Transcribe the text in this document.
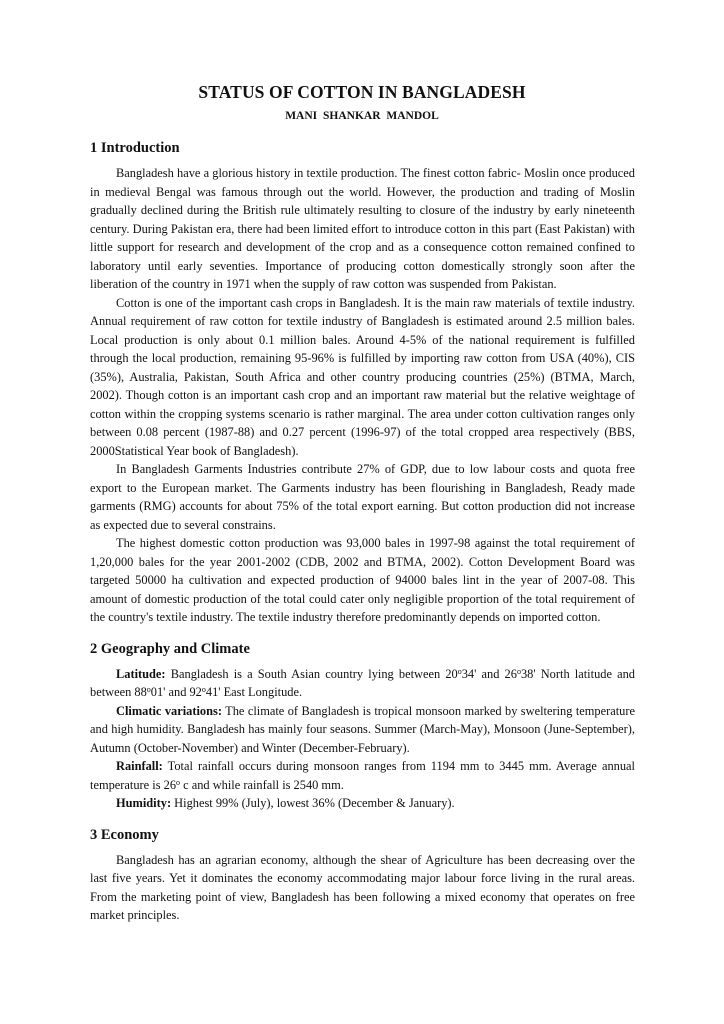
STATUS OF COTTON IN BANGLADESH
MANI SHANKAR MANDOL
1 Introduction

Bangladesh have a glorious history in textile production. The finest cotton fabric- Moslin once produced in medieval Bengal was famous through out the world. However, the production and trading of Moslin gradually declined during the British rule ultimately resulting to closure of the industry by early nineteenth century. During Pakistan era, there had been limited effort to introduce cotton in this part (East Pakistan) with little support for research and development of the crop and as a consequence cotton remained confined to laboratory until early seventies. Importance of producing cotton domestically strongly soon after the liberation of the country in 1971 when the supply of raw cotton was suspended from Pakistan.

Cotton is one of the important cash crops in Bangladesh. It is the main raw materials of textile industry. Annual requirement of raw cotton for textile industry of Bangladesh is estimated around 2.5 million bales. Local production is only about 0.1 million bales. Around 4-5% of the national requirement is fulfilled through the local production, remaining 95-96% is fulfilled by importing raw cotton from USA (40%), CIS (35%), Australia, Pakistan, South Africa and other country producing countries (25%) (BTMA, March, 2002). Though cotton is an important cash crop and an important raw material but the relative weightage of cotton within the cropping systems scenario is rather marginal. The area under cotton cultivation ranges only between 0.08 percent (1987-88) and 0.27 percent (1996-97) of the total cropped area respectively (BBS, 2000Statistical Year book of Bangladesh).

In Bangladesh Garments Industries contribute 27% of GDP, due to low labour costs and quota free export to the European market. The Garments industry has been flourishing in Bangladesh, Ready made garments (RMG) accounts for about 75% of the total export earning. But cotton production did not increase as expected due to several constrains.

The highest domestic cotton production was 93,000 bales in 1997-98 against the total requirement of 1,20,000 bales for the year 2001-2002 (CDB, 2002 and BTMA, 2002). Cotton Development Board was targeted 50000 ha cultivation and expected production of 94000 bales lint in the year of 2007-08. This amount of domestic production of the total could cater only negligible proportion of the total requirement of the country's textile industry. The textile industry therefore predominantly depends on imported cotton.

2 Geography and Climate

Latitude: Bangladesh is a South Asian country lying between 20$^o$34' and 26$^o$38' North latitude and between 88$^o$01' and 92$^o$41' East Longitude.

Climatic variations: The climate of Bangladesh is tropical monsoon marked by sweltering temperature and high humidity. Bangladesh has mainly four seasons. Summer (March-May), Monsoon (June-September), Autumn (October-November) and Winter (December-February).

Rainfall: Total rainfall occurs during monsoon ranges from 1194 mm to 3445 mm. Average annual temperature is 26$^o$ c and while rainfall is 2540 mm.

Humidity: Highest 99% (July), lowest 36% (December & January).

3 Economy

Bangladesh has an agrarian economy, although the shear of Agriculture has been decreasing over the last five years. Yet it dominates the economy accommodating major labour force living in the rural areas. From the marketing point of view, Bangladesh has been following a mixed economy that operates on free market principles.
